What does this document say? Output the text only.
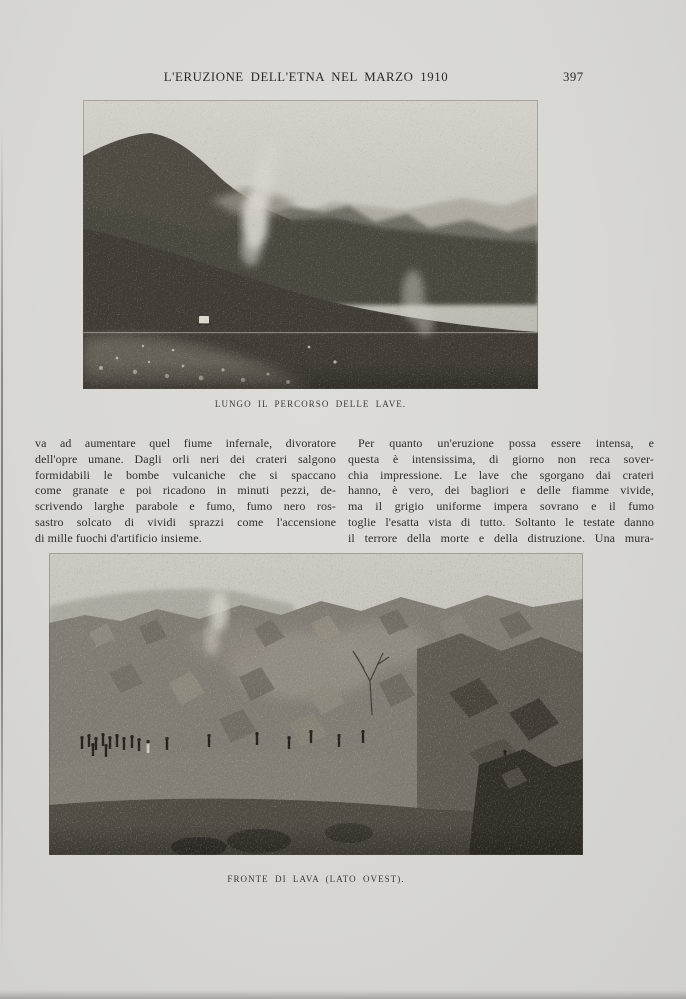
L'ERUZIONE DELL'ETNA NEL MARZO 1910	397
LUNGO IL PERCORSO DELLE LAVE.
va ad aumentare quel fiume infernale, divoratore
dell'opre umane. Dagli orli neri dei crateri salgono
formidabili le bombe vulcaniche che si spaccano
come granate e poi ricadono in minuti pezzi, de-
scrivendo larghe parabole e fumo, fumo nero ros-
sastro solcato di vividi sprazzi come l'accensione
di mille fuochi d'artificio insieme.
Per quanto un'eruzione possa essere intensa, e
questa è intensissima, di giorno non reca sover-
chia impressione. Le lave che sgorgano dai crateri
hanno, è vero, dei bagliori e delle fiamme vivide,
ma il grigio uniforme impera sovrano e il fumo
toglie l'esatta vista di tutto. Soltanto le testate danno
il terrore della morte e della distruzione. Una mura-
FRONTE DI LAVA (LATO OVEST).
